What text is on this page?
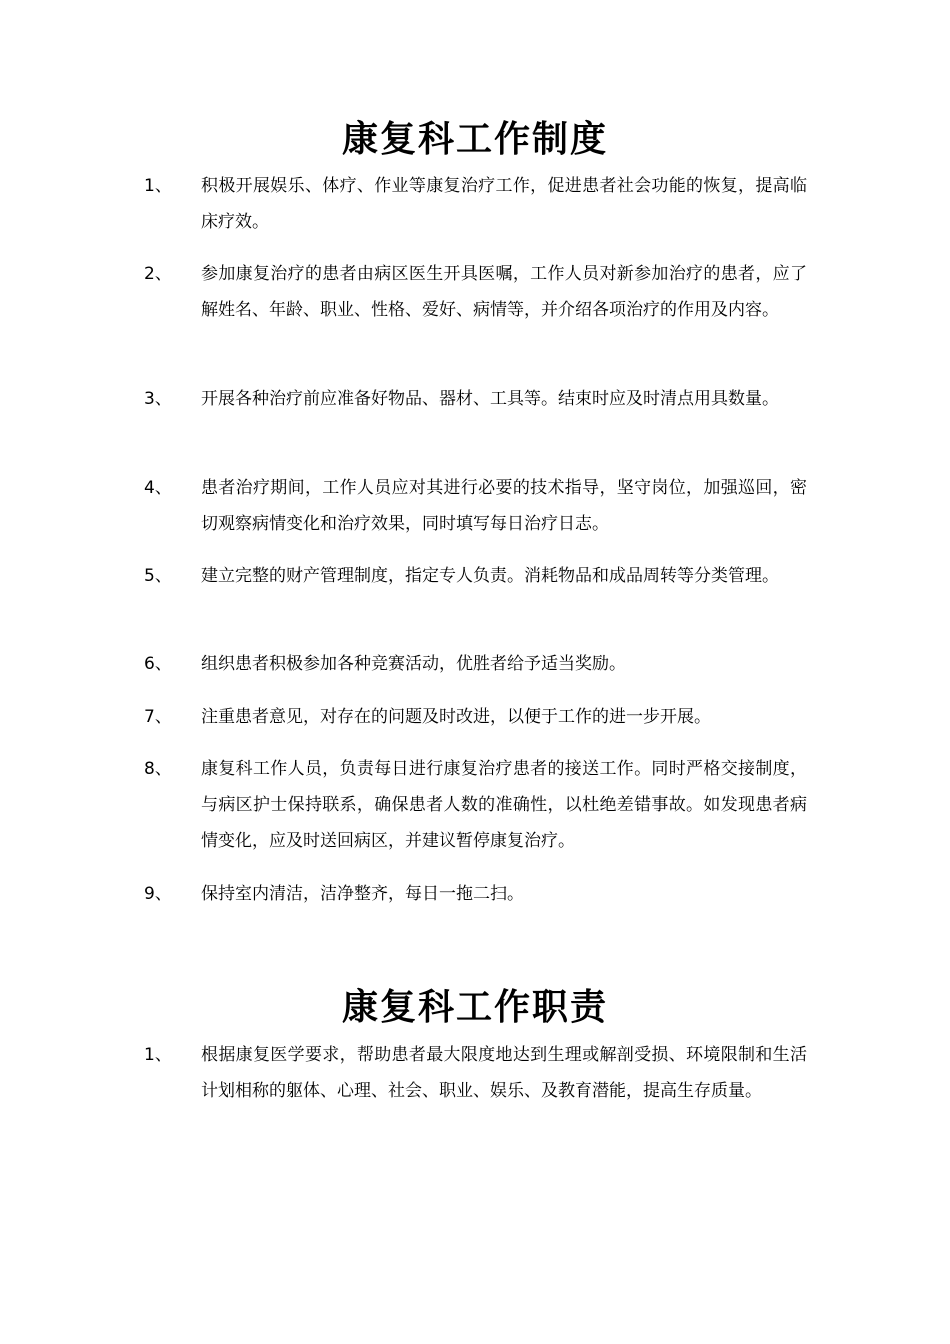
康复科工作制度
1、 积极开展娱乐、体疗、作业等康复治疗工作，促进患者社会功能的恢复，提高临床疗效。
2、 参加康复治疗的患者由病区医生开具医嘱，工作人员对新参加治疗的患者，应了解姓名、年龄、职业、性格、爱好、病情等，并介绍各项治疗的作用及内容。
3、 开展各种治疗前应准备好物品、器材、工具等。结束时应及时清点用具数量。
4、 患者治疗期间，工作人员应对其进行必要的技术指导，坚守岗位，加强巡回，密切观察病情变化和治疗效果，同时填写每日治疗日志。
5、 建立完整的财产管理制度，指定专人负责。消耗物品和成品周转等分类管理。
6、 组织患者积极参加各种竞赛活动，优胜者给予适当奖励。
7、 注重患者意见，对存在的问题及时改进，以便于工作的进一步开展。
8、 康复科工作人员，负责每日进行康复治疗患者的接送工作。同时严格交接制度，与病区护士保持联系，确保患者人数的准确性，以杜绝差错事故。如发现患者病情变化，应及时送回病区，并建议暂停康复治疗。
9、 保持室内清洁，洁净整齐，每日一拖二扫。
康复科工作职责
1、 根据康复医学要求，帮助患者最大限度地达到生理或解剖受损、环境限制和生活计划相称的躯体、心理、社会、职业、娱乐、及教育潜能，提高生存质量。
